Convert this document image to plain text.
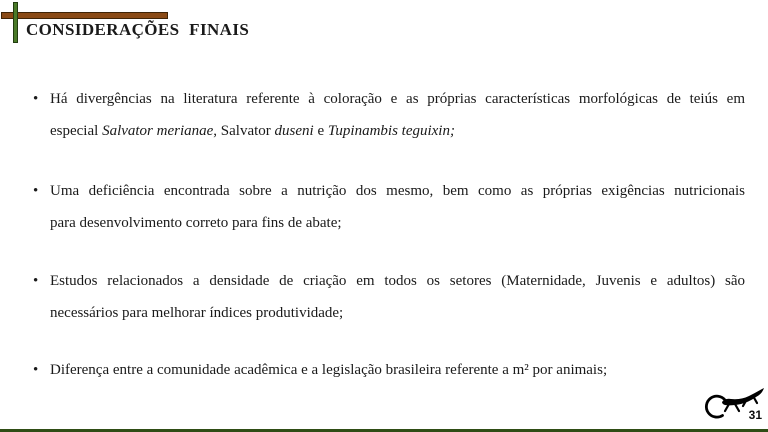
CONSIDERAÇÕES FINAIS
• Há divergências na literatura referente à coloração e as próprias características morfológicas de teiús em
especial Salvator merianae, Salvator duseni e Tupinambis teguixin;
• Uma deficiência encontrada sobre a nutrição dos mesmo, bem como as próprias exigências nutricionais
para desenvolvimento correto para fins de abate;
• Estudos relacionados a densidade de criação em todos os setores (Maternidade, Juvenis e adultos) são
necessários para melhorar índices produtividade;
• Diferença entre a comunidade acadêmica e a legislação brasileira referente a m² por animais;
31
